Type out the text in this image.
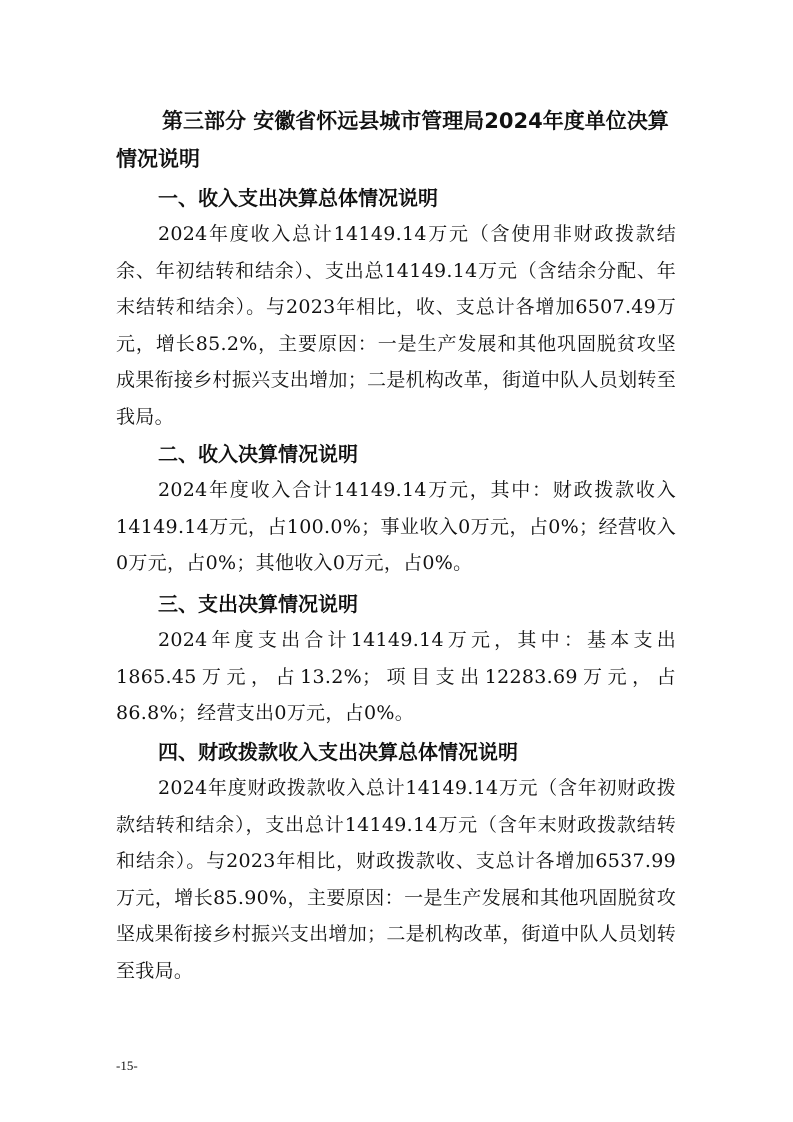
第三部分 安徽省怀远县城市管理局2024年度单位决算情况说明
一、收入支出决算总体情况说明

2024年度收入总计14149.14万元（含使用非财政拨款结余、年初结转和结余）、支出总14149.14万元（含结余分配、年末结转和结余）。与2023年相比，收、支总计各增加6507.49万元，增长85.2%，主要原因：一是生产发展和其他巩固脱贫攻坚成果衔接乡村振兴支出增加；二是机构改革，街道中队人员划转至我局。

二、收入决算情况说明

2024年度收入合计14149.14万元，其中：财政拨款收入14149.14万元，占100.0%；事业收入0万元，占0%；经营收入0万元，占0%；其他收入0万元，占0%。

三、支出决算情况说明

2024年度支出合计14149.14万元，其中：基本支出1865.45万元，占13.2%；项目支出12283.69万元，占86.8%；经营支出0万元，占0%。

四、财政拨款收入支出决算总体情况说明

2024年度财政拨款收入总计14149.14万元（含年初财政拨款结转和结余），支出总计14149.14万元（含年末财政拨款结转和结余）。与2023年相比，财政拨款收、支总计各增加6537.99万元，增长85.90%，主要原因：一是生产发展和其他巩固脱贫攻坚成果衔接乡村振兴支出增加；二是机构改革，街道中队人员划转至我局。

-15-
